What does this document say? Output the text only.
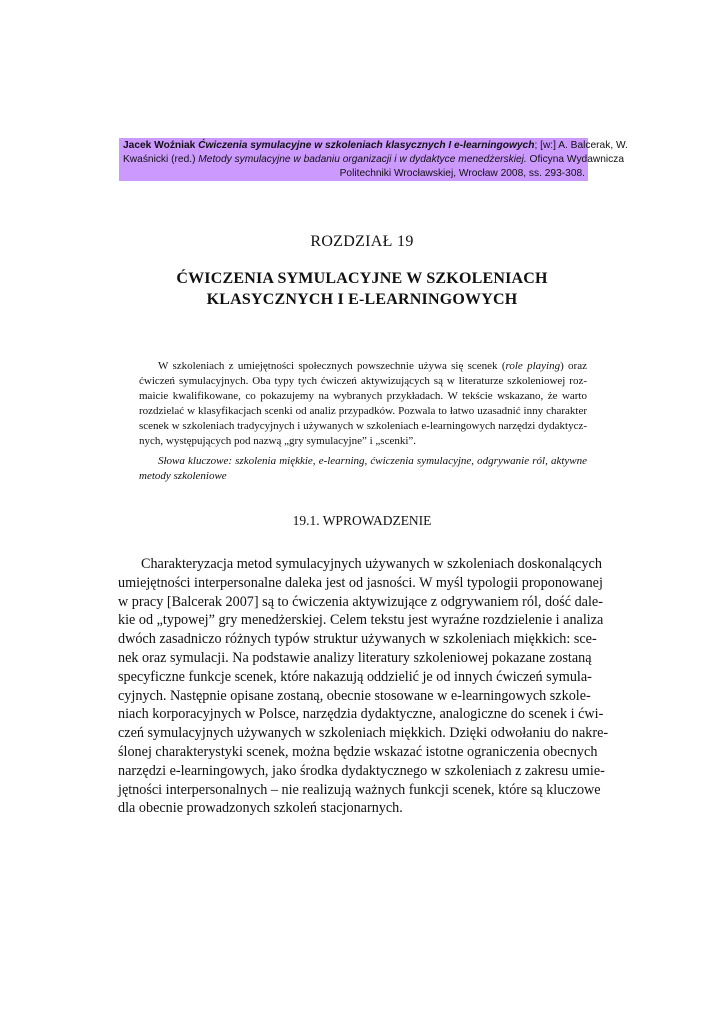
Jacek Woźniak Ćwiczenia symulacyjne w szkoleniach klasycznych I e-learningowych; [w:] A. Balcerak, W.
Kwaśnicki (red.) Metody symulacyjne w badaniu organizacji i w dydaktyce menedżerskiej. Oficyna Wydawnicza
Politechniki Wrocławskiej, Wrocław 2008, ss. 293-308.
ROZDZIAŁ 19
ĆWICZENIA SYMULACYJNE W SZKOLENIACH
KLASYCZNYCH I E-LEARNINGOWYCH
W szkoleniach z umiejętności społecznych powszechnie używa się scenek (role playing) oraz
ćwiczeń symulacyjnych. Oba typy tych ćwiczeń aktywizujących są w literaturze szkoleniowej roz-
maicie kwalifikowane, co pokazujemy na wybranych przykładach. W tekście wskazano, że warto
rozdzielać w klasyfikacjach scenki od analiz przypadków. Pozwala to łatwo uzasadnić inny charakter
scenek w szkoleniach tradycyjnych i używanych w szkoleniach e-learningowych narzędzi dydaktycz-
nych, występujących pod nazwą „gry symulacyjne” i „scenki”.
Słowa kluczowe: szkolenia miękkie, e-learning, ćwiczenia symulacyjne, odgrywanie ról, aktywne
metody szkoleniowe
19.1. WPROWADZENIE
Charakteryzacja metod symulacyjnych używanych w szkoleniach doskonalących
umiejętności interpersonalne daleka jest od jasności. W myśl typologii proponowanej
w pracy [Balcerak 2007] są to ćwiczenia aktywizujące z odgrywaniem ról, dość dale-
kie od „typowej” gry menedżerskiej. Celem tekstu jest wyraźne rozdzielenie i analiza
dwóch zasadniczo różnych typów struktur używanych w szkoleniach miękkich: sce-
nek oraz symulacji. Na podstawie analizy literatury szkoleniowej pokazane zostaną
specyficzne funkcje scenek, które nakazują oddzielić je od innych ćwiczeń symula-
cyjnych. Następnie opisane zostaną, obecnie stosowane w e-learningowych szkole-
niach korporacyjnych w Polsce, narzędzia dydaktyczne, analogiczne do scenek i ćwi-
czeń symulacyjnych używanych w szkoleniach miękkich. Dzięki odwołaniu do nakre-
ślonej charakterystyki scenek, można będzie wskazać istotne ograniczenia obecnych
narzędzi e-learningowych, jako środka dydaktycznego w szkoleniach z zakresu umie-
jętności interpersonalnych – nie realizują ważnych funkcji scenek, które są kluczowe
dla obecnie prowadzonych szkoleń stacjonarnych.
